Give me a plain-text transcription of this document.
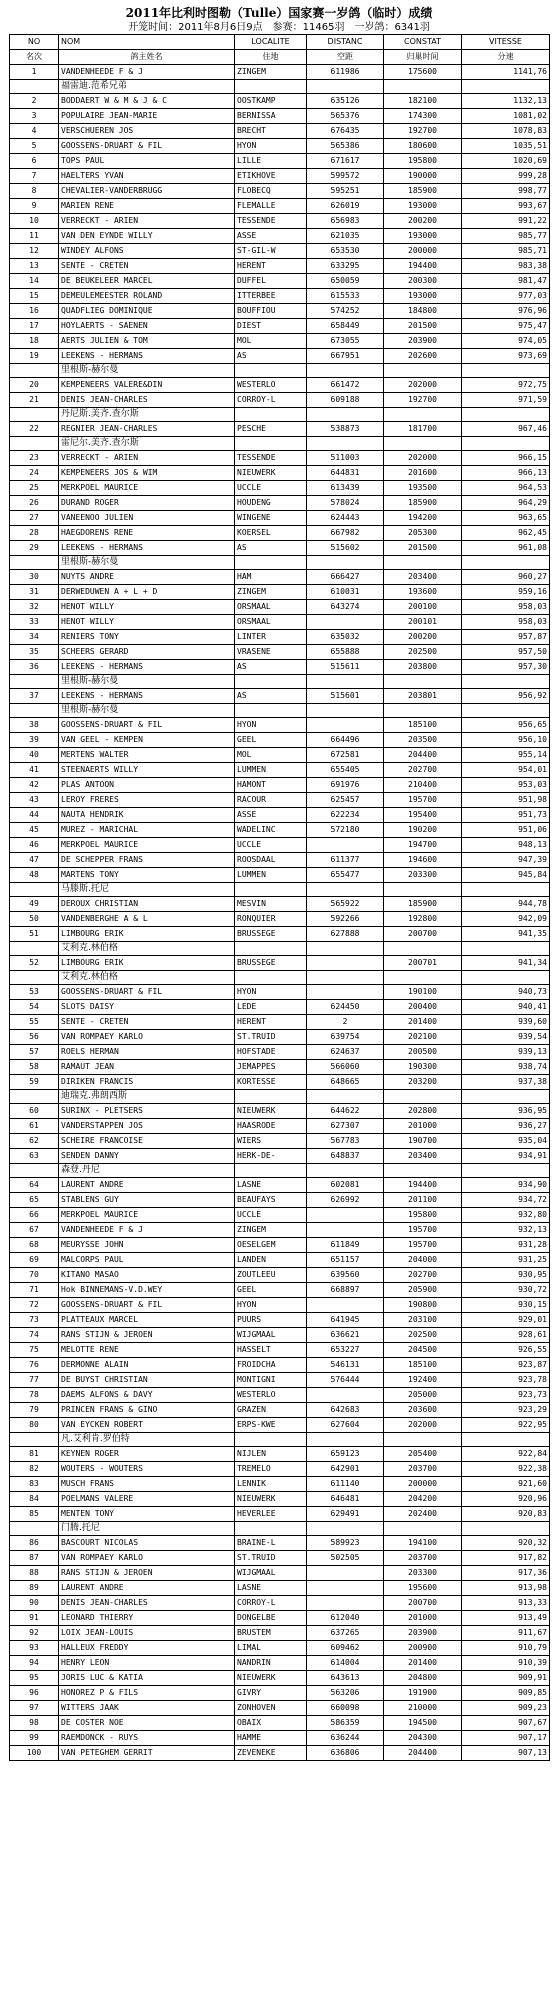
2011年比利时图勒（Tulle）国家赛一岁鸽（临时）成绩
开笼时间：2011年8月6日9点　参赛：11465羽　一岁鸽：6341羽
NO	NOM	LOCALITE	DISTANC	CONSTAT	VITESSE
名次	鸽主姓名	住地	空距	归巢时间	分速
1	VANDENHEEDE F & J	ZINGEM	611986	175600	1141,76
	福雷迪.范希兄弟				
2	BODDAERT W & M & J & C	OOSTKAMP	635126	182100	1132,13
3	POPULAIRE JEAN-MARIE	BERNISSA	565376	174300	1081,02
4	VERSCHUEREN JOS	BRECHT	676435	192700	1078,83
5	GOOSSENS-DRUART & FIL	HYON	565386	180600	1035,51
6	TOPS PAUL	LILLE	671617	195800	1020,69
7	HAELTERS YVAN	ETIKHOVE	599572	190000	999,28
8	CHEVALIER-VANDERBRUGG	FLOBECQ	595251	185900	998,77
9	MARIEN RENE	FLEMALLE	626019	193000	993,67
10	VERRECKT - ARIEN	TESSENDE	656983	200200	991,22
11	VAN DEN EYNDE WILLY	ASSE	621035	193000	985,77
12	WINDEY ALFONS	ST-GIL-W	653530	200000	985,71
13	SENTE - CRETEN	HERENT	633295	194400	983,38
14	DE BEUKELEER MARCEL	DUFFEL	650059	200300	981,47
15	DEMEULEMEESTER ROLAND	ITTERBEE	615533	193000	977,03
16	QUADFLIEG DOMINIQUE	BOUFFIOU	574252	184800	976,96
17	HOYLAERTS - SAENEN	DIEST	658449	201500	975,47
18	AERTS JULIEN & TOM	MOL	673055	203900	974,05
19	LEEKENS - HERMANS	AS	667951	202600	973,69
	里根斯-赫尔曼				
20	KEMPENEERS VALERE&DIN	WESTERLO	661472	202000	972,75
21	DENIS JEAN-CHARLES	CORROY-L	609188	192700	971,59
	丹尼斯.美齐.查尔斯				
22	REGNIER JEAN-CHARLES	PESCHE	538873	181700	967,46
	雷尼尔.美齐.查尔斯				
23	VERRECKT - ARIEN	TESSENDE	511003	202000	966,15
24	KEMPENEERS JOS & WIM	NIEUWERK	644831	201600	966,13
25	MERKPOEL MAURICE	UCCLE	613439	193500	964,53
26	DURAND ROGER	HOUDENG	578024	185900	964,29
27	VANEENOO JULIEN	WINGENE	624443	194200	963,65
28	HAEGDORENS RENE	KOERSEL	667982	205300	962,45
29	LEEKENS - HERMANS	AS	515602	201500	961,08
	里根斯-赫尔曼				
30	NUYTS ANDRE	HAM	666427	203400	960,27
31	DERWEDUWEN A + L + D	ZINGEM	610031	193600	959,16
32	HENOT WILLY	ORSMAAL	643274	200100	958,03
33	HENOT WILLY	ORSMAAL		200101	958,03
34	RENIERS TONY	LINTER	635032	200200	957,87
35	SCHEERS GERARD	VRASENE	655888	202500	957,50
36	LEEKENS - HERMANS	AS	515611	203800	957,30
	里根斯-赫尔曼				
37	LEEKENS - HERMANS	AS	515601	203801	956,92
	里根斯-赫尔曼				
38	GOOSSENS-DRUART & FIL	HYON		185100	956,65
39	VAN GEEL - KEMPEN	GEEL	664496	203500	956,10
40	MERTENS WALTER	MOL	672581	204400	955,14
41	STEENAERTS WILLY	LUMMEN	655405	202700	954,01
42	PLAS ANTOON	HAMONT	691976	210400	953,03
43	LEROY FRERES	RACOUR	625457	195700	951,98
44	NAUTA HENDRIK	ASSE	622234	195400	951,73
45	MUREZ - MARICHAL	WADELINC	572180	190200	951,06
46	MERKPOEL MAURICE	UCCLE		194700	948,13
47	DE SCHEPPER FRANS	ROOSDAAL	611377	194600	947,39
48	MARTENS TONY	LUMMEN	655477	203300	945,84
	马滕斯.托尼				
49	DEROUX CHRISTIAN	MESVIN	565922	185900	944,78
50	VANDENBERGHE A & L	RONQUIER	592266	192800	942,09
51	LIMBOURG ERIK	BRUSSEGE	627888	200700	941,35
	艾利克.林伯格				
52	LIMBOURG ERIK	BRUSSEGE		200701	941,34
	艾利克.林伯格				
53	GOOSSENS-DRUART & FIL	HYON		190100	940,73
54	SLOTS DAISY	LEDE	624450	200400	940,41
55	SENTE - CRETEN	HERENT	2	201400	939,60
56	VAN ROMPAEY KARLO	ST.TRUID	639754	202100	939,54
57	ROELS HERMAN	HOFSTADE	624637	200500	939,13
58	RAMAUT JEAN	JEMAPPES	566060	190300	938,74
59	DIRIKEN FRANCIS	KORTESSE	648665	203200	937,38
	迪瑞克.弗朗西斯				
60	SURINX - PLETSERS	NIEUWERK	644622	202800	936,95
61	VANDERSTAPPEN JOS	HAASRODE	627307	201000	936,27
62	SCHEIRE FRANCOISE	WIERS	567783	190700	935,04
63	SENDEN DANNY	HERK-DE-	648837	203400	934,91
	森登.丹尼				
64	LAURENT ANDRE	LASNE	602081	194400	934,90
65	STABLENS GUY	BEAUFAYS	626992	201100	934,72
66	MERKPOEL MAURICE	UCCLE		195800	932,80
67	VANDENHEEDE F & J	ZINGEM		195700	932,13
68	MEURYSSE JOHN	OESELGEM	611849	195700	931,28
69	MALCORPS PAUL	LANDEN	651157	204000	931,25
70	KITANO MASAO	ZOUTLEEU	639560	202700	930,95
71	Hok BINNEMANS-V.D.WEY	GEEL	668897	205900	930,72
72	GOOSSENS-DRUART & FIL	HYON		190800	930,15
73	PLATTEAUX MARCEL	PUURS	641945	203100	929,01
74	RANS STIJN & JEROEN	WIJGMAAL	636621	202500	928,61
75	MELOTTE RENE	HASSELT	653227	204500	926,55
76	DERMONNE ALAIN	FROIDCHA	546131	185100	923,87
77	DE BUYST CHRISTIAN	MONTIGNI	576444	192400	923,78
78	DAEMS ALFONS & DAVY	WESTERLO		205000	923,73
79	PRINCEN FRANS & GINO	GRAZEN	642683	203600	923,29
80	VAN EYCKEN ROBERT	ERPS-KWE	627604	202000	922,95
	凡.艾利肯.罗伯特				
81	KEYNEN ROGER	NIJLEN	659123	205400	922,84
82	WOUTERS - WOUTERS	TREMELO	642901	203700	922,38
83	MUSCH FRANS	LENNIK	611140	200000	921,60
84	POELMANS VALERE	NIEUWERK	646481	204200	920,96
85	MENTEN TONY	HEVERLEE	629491	202400	920,83
	门腾.托尼				
86	BASCOURT NICOLAS	BRAINE-L	589923	194100	920,32
87	VAN ROMPAEY KARLO	ST.TRUID	502505	203700	917,82
88	RANS STIJN & JEROEN	WIJGMAAL		203300	917,36
89	LAURENT ANDRE	LASNE		195600	913,98
90	DENIS JEAN-CHARLES	CORROY-L		200700	913,33
91	LEONARD THIERRY	DONGELBE	612040	201000	913,49
92	LOIX JEAN-LOUIS	BRUSTEM	637265	203900	911,67
93	HALLEUX FREDDY	LIMAL	609462	200900	910,79
94	HENRY LEON	NANDRIN	614004	201400	910,39
95	JORIS LUC & KATIA	NIEUWERK	643613	204800	909,91
96	HONOREZ P & FILS	GIVRY	563206	191900	909,85
97	WITTERS JAAK	ZONHOVEN	660098	210000	909,23
98	DE COSTER NOE	OBAIX	586359	194500	907,67
99	RAEMDONCK - RUYS	HAMME	636244	204300	907,17
100	VAN PETEGHEM GERRIT	ZEVENEKE	636806	204400	907,13
